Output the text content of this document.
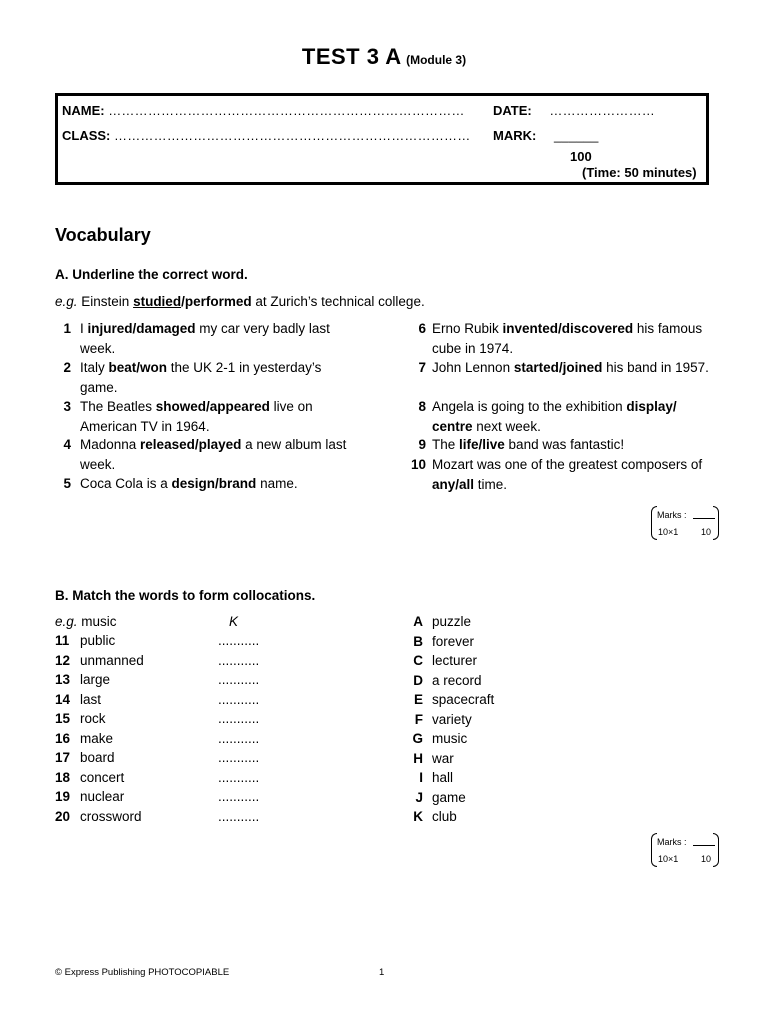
TEST 3 A (Module 3)
NAME: ………………………………………………………………………
CLASS: ………………………………………………………………………
DATE: ……………………
MARK: ______
100
(Time: 50 minutes)
Vocabulary
A. Underline the correct word.
e.g. Einstein studied/performed at Zurich’s technical college.
1 I injured/damaged my car very badly last week.
2 Italy beat/won the UK 2-1 in yesterday’s game.
3 The Beatles showed/appeared live on American TV in 1964.
4 Madonna released/played a new album last week.
5 Coca Cola is a design/brand name.
6 Erno Rubik invented/discovered his famous cube in 1974.
7 John Lennon started/joined his band in 1957.
8 Angela is going to the exhibition display/ centre next week.
9 The life/live band was fantastic!
10 Mozart was one of the greatest composers of any/all time.
Marks :
10×1	10
B. Match the words to form collocations.
e.g. music	K
11 public	...........
12 unmanned	...........
13 large	...........
14 last	...........
15 rock	...........
16 make	...........
17 board	...........
18 concert	...........
19 nuclear	...........
20 crossword	...........
A puzzle
B forever
C lecturer
D a record
E spacecraft
F variety
G music
H war
I hall
J game
K club
Marks :
10×1	10
© Express Publishing PHOTOCOPIABLE	1
